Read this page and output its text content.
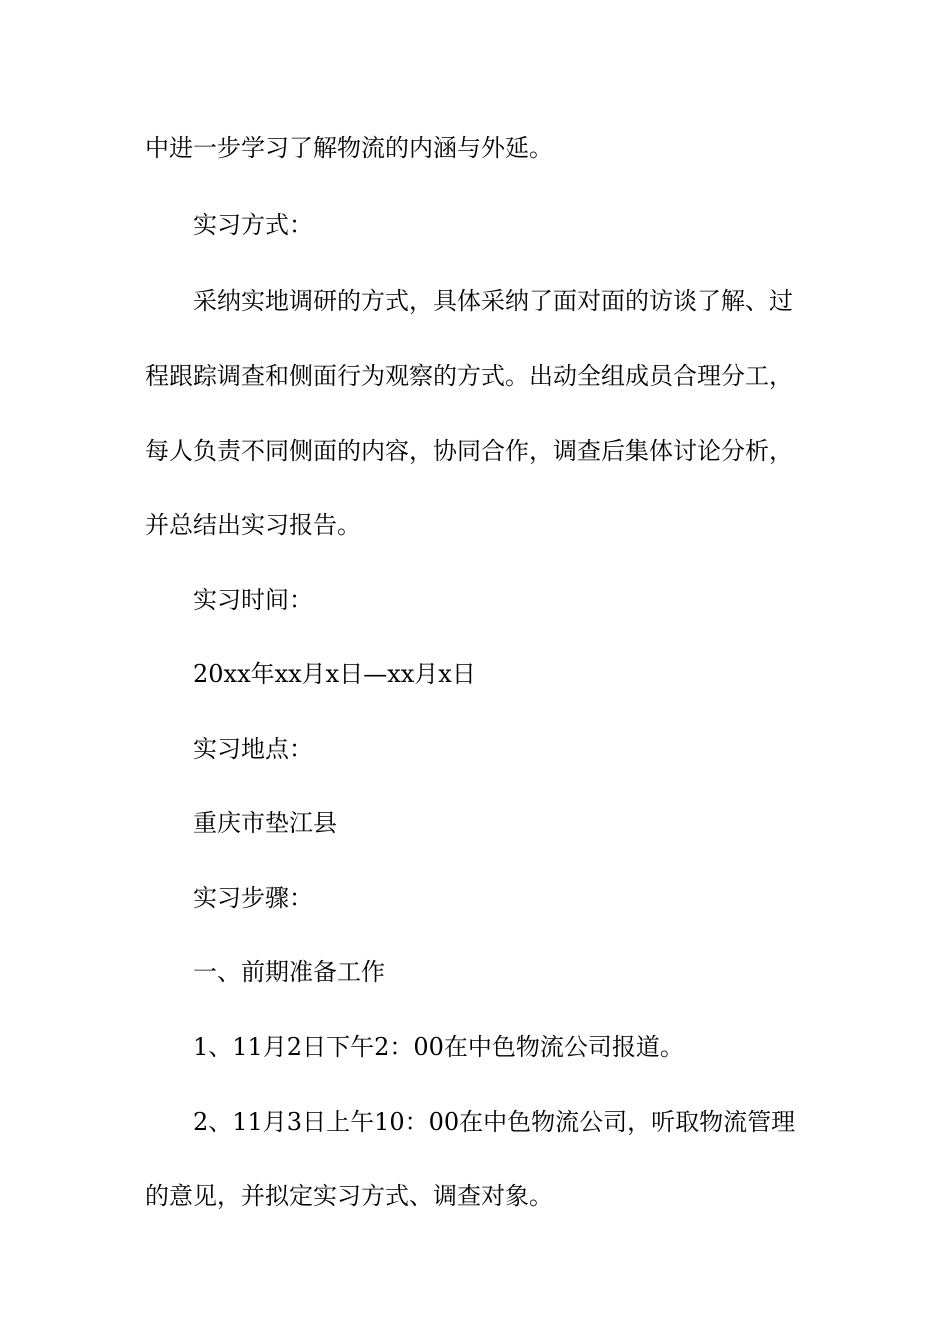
中进一步学习了解物流的内涵与外延。
实习方式：
采纳实地调研的方式，具体采纳了面对面的访谈了解、过
程跟踪调查和侧面行为观察的方式。出动全组成员合理分工，
每人负责不同侧面的内容，协同合作，调查后集体讨论分析，
并总结出实习报告。
实习时间：
20xx年xx月x日—xx月x日
实习地点：
重庆市垫江县
实习步骤：
一、前期准备工作
1、11月2日下午2：00在中色物流公司报道。
2、11月3日上午10：00在中色物流公司，听取物流管理
的意见，并拟定实习方式、调查对象。
